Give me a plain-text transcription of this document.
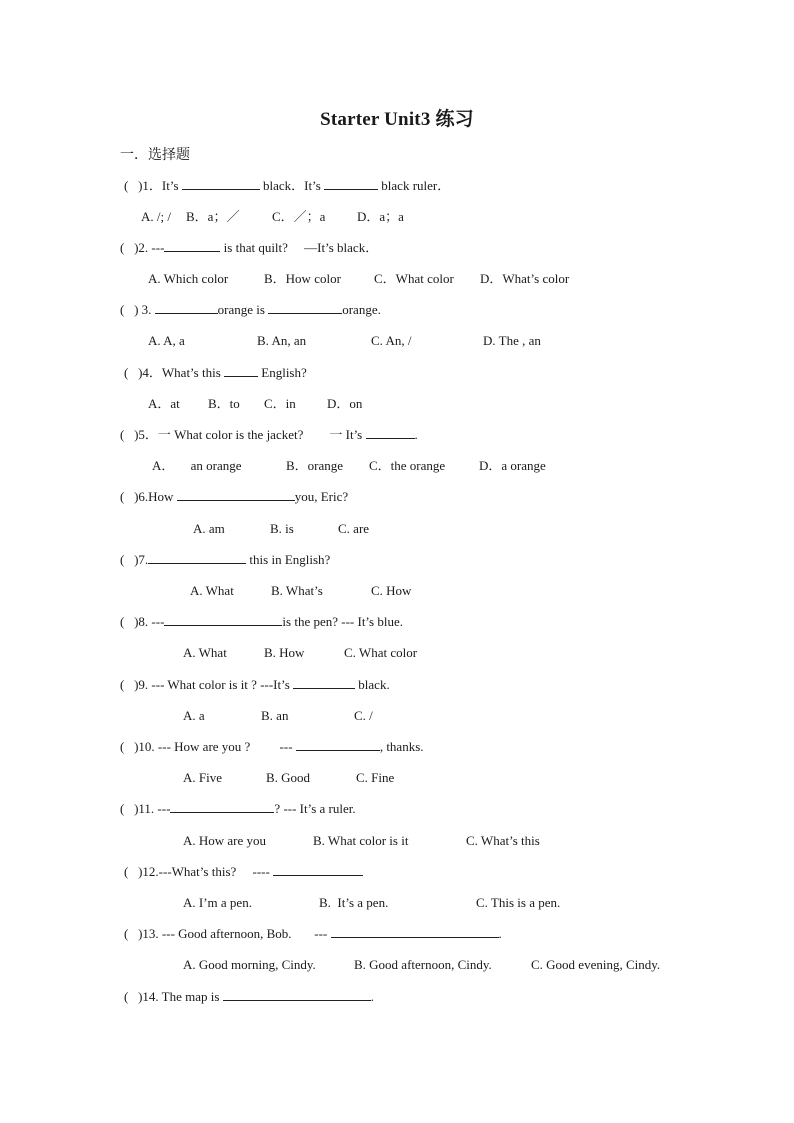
Starter Unit3 练习
一．选择题
(   )1．It’s	black．It’s	black ruler．
A. /; / B．a；／	C．／；a D．a；a
(   )2. ---	is that quilt?     —It’s black．
A. Which color	B．How color	C．What color D．What’s color
(   ) 3.	orange is	orange.
A. A, a	B. An, an	C. An, /	D. The , an
(   )4．What’s this	English?
A．at B．to C．in D．on
(   )5．一 What color is the jacket?        一 It’s	.
A．     an orange	B．orange C．the orange	D．a orange
(   )6.How	you, Eric?
A. am	B. is	C. are
(   )7.	this in English?
A. What	B. What’s	C. How
(   )8. ---	is the pen? --- It’s blue.
A. What	B. How	C. What color
(   )9. --- What color is it ? ---It’s	black.
A. a	B. an	C. /
(   )10. --- How are you ?         ---	, thanks.
A. Five	B. Good	C. Fine
(   )11. ---	? --- It’s a ruler.
A. How are you	B. What color is it	C. What’s this
(   )12.---What’s this?     ----
A. I’m a pen.	B.  It’s a pen.	C. This is a pen.
(   )13. --- Good afternoon, Bob.       ---	.
A. Good morning, Cindy.	B. Good afternoon, Cindy.	C. Good evening, Cindy.
(   )14. The map is	.
